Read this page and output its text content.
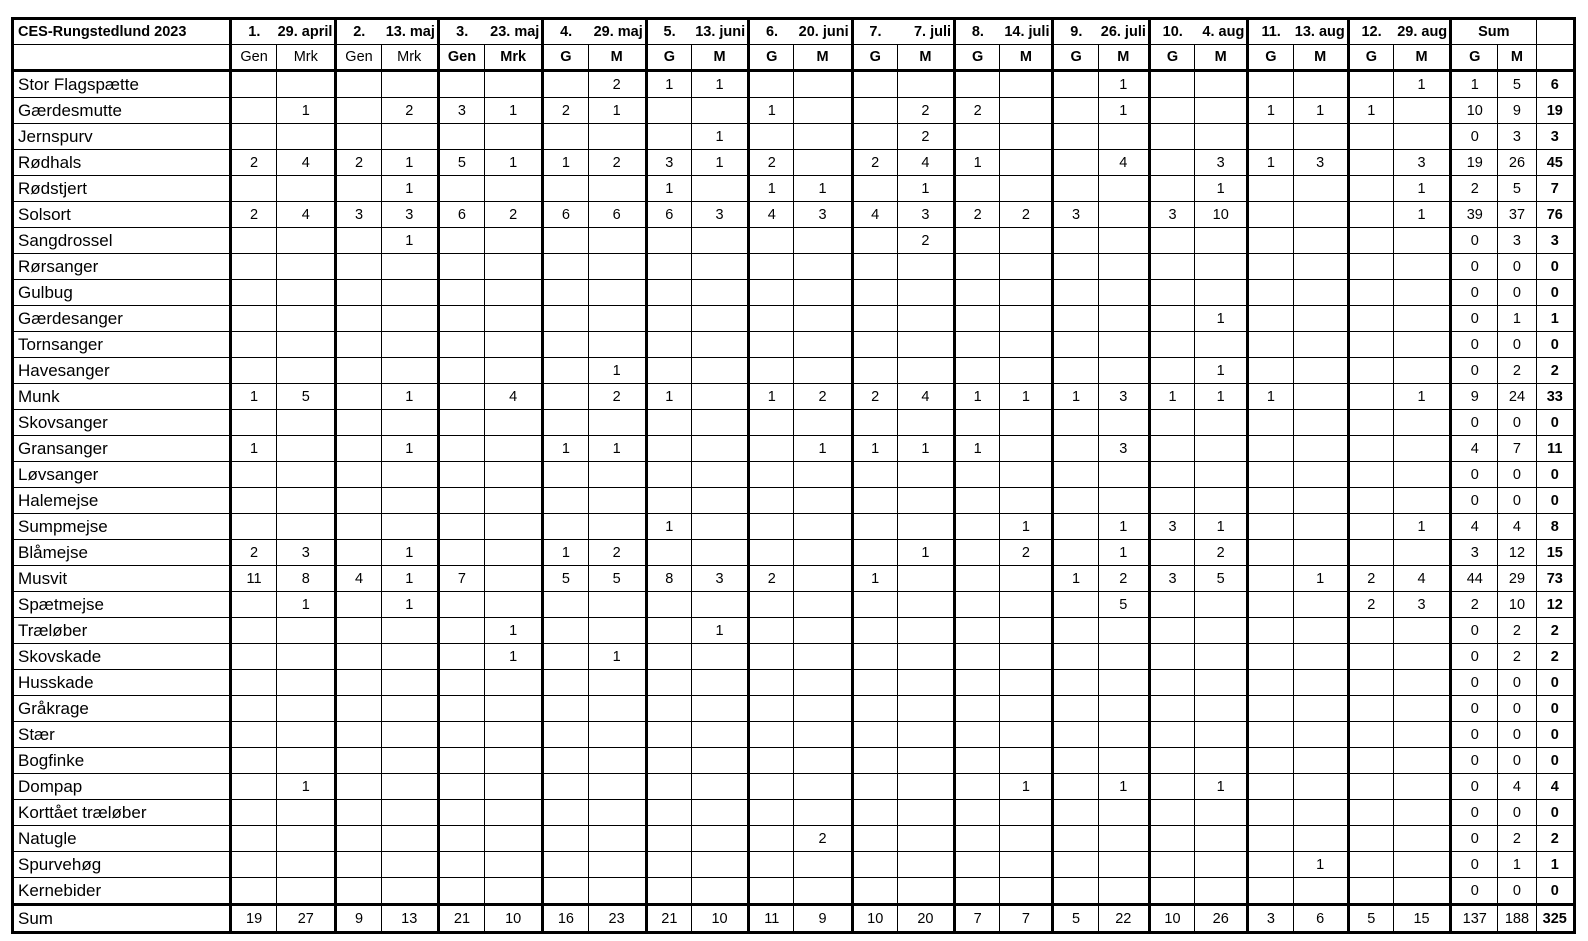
CES-Rungstedlund 2023	1.	29. april	2.	13. maj	3.	23. maj	4.	29. maj	5.	13. juni	6.	20. juni	7.	7. juli	8.	14. juli	9.	26. juli	10.	4. aug	11.	13. aug	12.	29. aug	Sum		
	Gen	Mrk	Gen	Mrk	Gen	Mrk	G	M	G	M	G	M	G	M	G	M	G	M	G	M	G	M	G	M	G	M	
Stor Flagspætte								2	1	1								1						1	1	5	6
Gærdesmutte		1		2	3	1	2	1			1			2	2			1			1	1	1		10	9	19
Jernspurv										1				2											0	3	3
Rødhals	2	4	2	1	5	1	1	2	3	1	2		2	4	1			4		3	1	3		3	19	26	45
Rødstjert				1					1		1	1		1						1				1	2	5	7
Solsort	2	4	3	3	6	2	6	6	6	3	4	3	4	3	2	2	3		3	10				1	39	37	76
Sangdrossel				1										2											0	3	3
Rørsanger																									0	0	0
Gulbug																									0	0	0
Gærdesanger																				1					0	1	1
Tornsanger																									0	0	0
Havesanger								1												1					0	2	2
Munk	1	5		1		4		2	1		1	2	2	4	1	1	1	3	1	1	1			1	9	24	33
Skovsanger																									0	0	0
Gransanger	1			1			1	1				1	1	1	1			3							4	7	11
Løvsanger																									0	0	0
Halemejse																									0	0	0
Sumpmejse									1							1		1	3	1				1	4	4	8
Blåmejse	2	3		1			1	2						1		2		1		2					3	12	15
Musvit	11	8	4	1	7		5	5	8	3	2		1				1	2	3	5		1	2	4	44	29	73
Spætmejse		1		1														5					2	3	2	10	12
Træløber						1				1															0	2	2
Skovskade						1		1																	0	2	2
Husskade																									0	0	0
Gråkrage																									0	0	0
Stær																									0	0	0
Bogfinke																									0	0	0
Dompap		1														1		1		1					0	4	4
Korttået træløber																									0	0	0
Natugle												2													0	2	2
Spurvehøg																						1			0	1	1
Kernebider																									0	0	0
Sum	19	27	9	13	21	10	16	23	21	10	11	9	10	20	7	7	5	22	10	26	3	6	5	15	137	188	325
